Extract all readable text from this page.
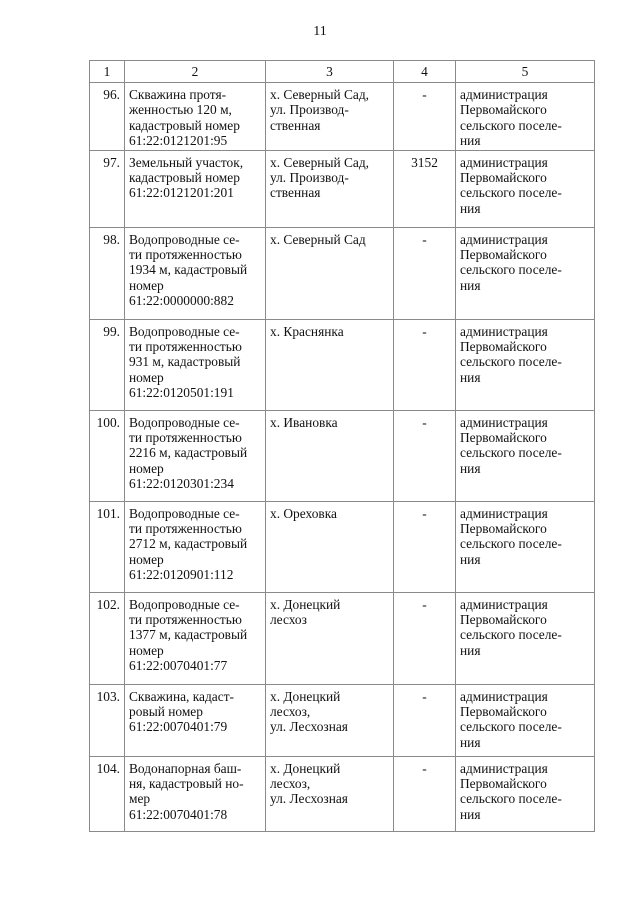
11
1	2	3	4	5
96.	Скважина протя-
женностью 120 м,
кадастровый номер
61:22:0121201:95	х. Северный Сад,
ул. Производ-
ственная	-	администрация
Первомайского
сельского поселе-
ния

97.	Земельный участок,
кадастровый номер
61:22:0121201:201	х. Северный Сад,
ул. Производ-
ственная	3152	администрация
Первомайского
сельского поселе-
ния

98.	Водопроводные се-
ти протяженностью
1934 м, кадастровый
номер
61:22:0000000:882	х. Северный Сад	-	администрация
Первомайского
сельского поселе-
ния

99.	Водопроводные се-
ти протяженностью
931 м, кадастровый
номер
61:22:0120501:191	х. Краснянка	-	администрация
Первомайского
сельского поселе-
ния

100.	Водопроводные се-
ти протяженностью
2216 м, кадастровый
номер
61:22:0120301:234	х. Ивановка	-	администрация
Первомайского
сельского поселе-
ния

101.	Водопроводные се-
ти протяженностью
2712 м, кадастровый
номер
61:22:0120901:112	х. Ореховка	-	администрация
Первомайского
сельского поселе-
ния

102.	Водопроводные се-
ти протяженностью
1377 м, кадастровый
номер
61:22:0070401:77	х. Донецкий
лесхоз	-	администрация
Первомайского
сельского поселе-
ния

103.	Скважина, кадаст-
ровый номер
61:22:0070401:79	х. Донецкий
лесхоз,
ул. Лесхозная	-	администрация
Первомайского
сельского поселе-
ния

104.	Водонапорная баш-
ня, кадастровый но-
мер
61:22:0070401:78	х. Донецкий
лесхоз,
ул. Лесхозная	-	администрация
Первомайского
сельского поселе-
ния
